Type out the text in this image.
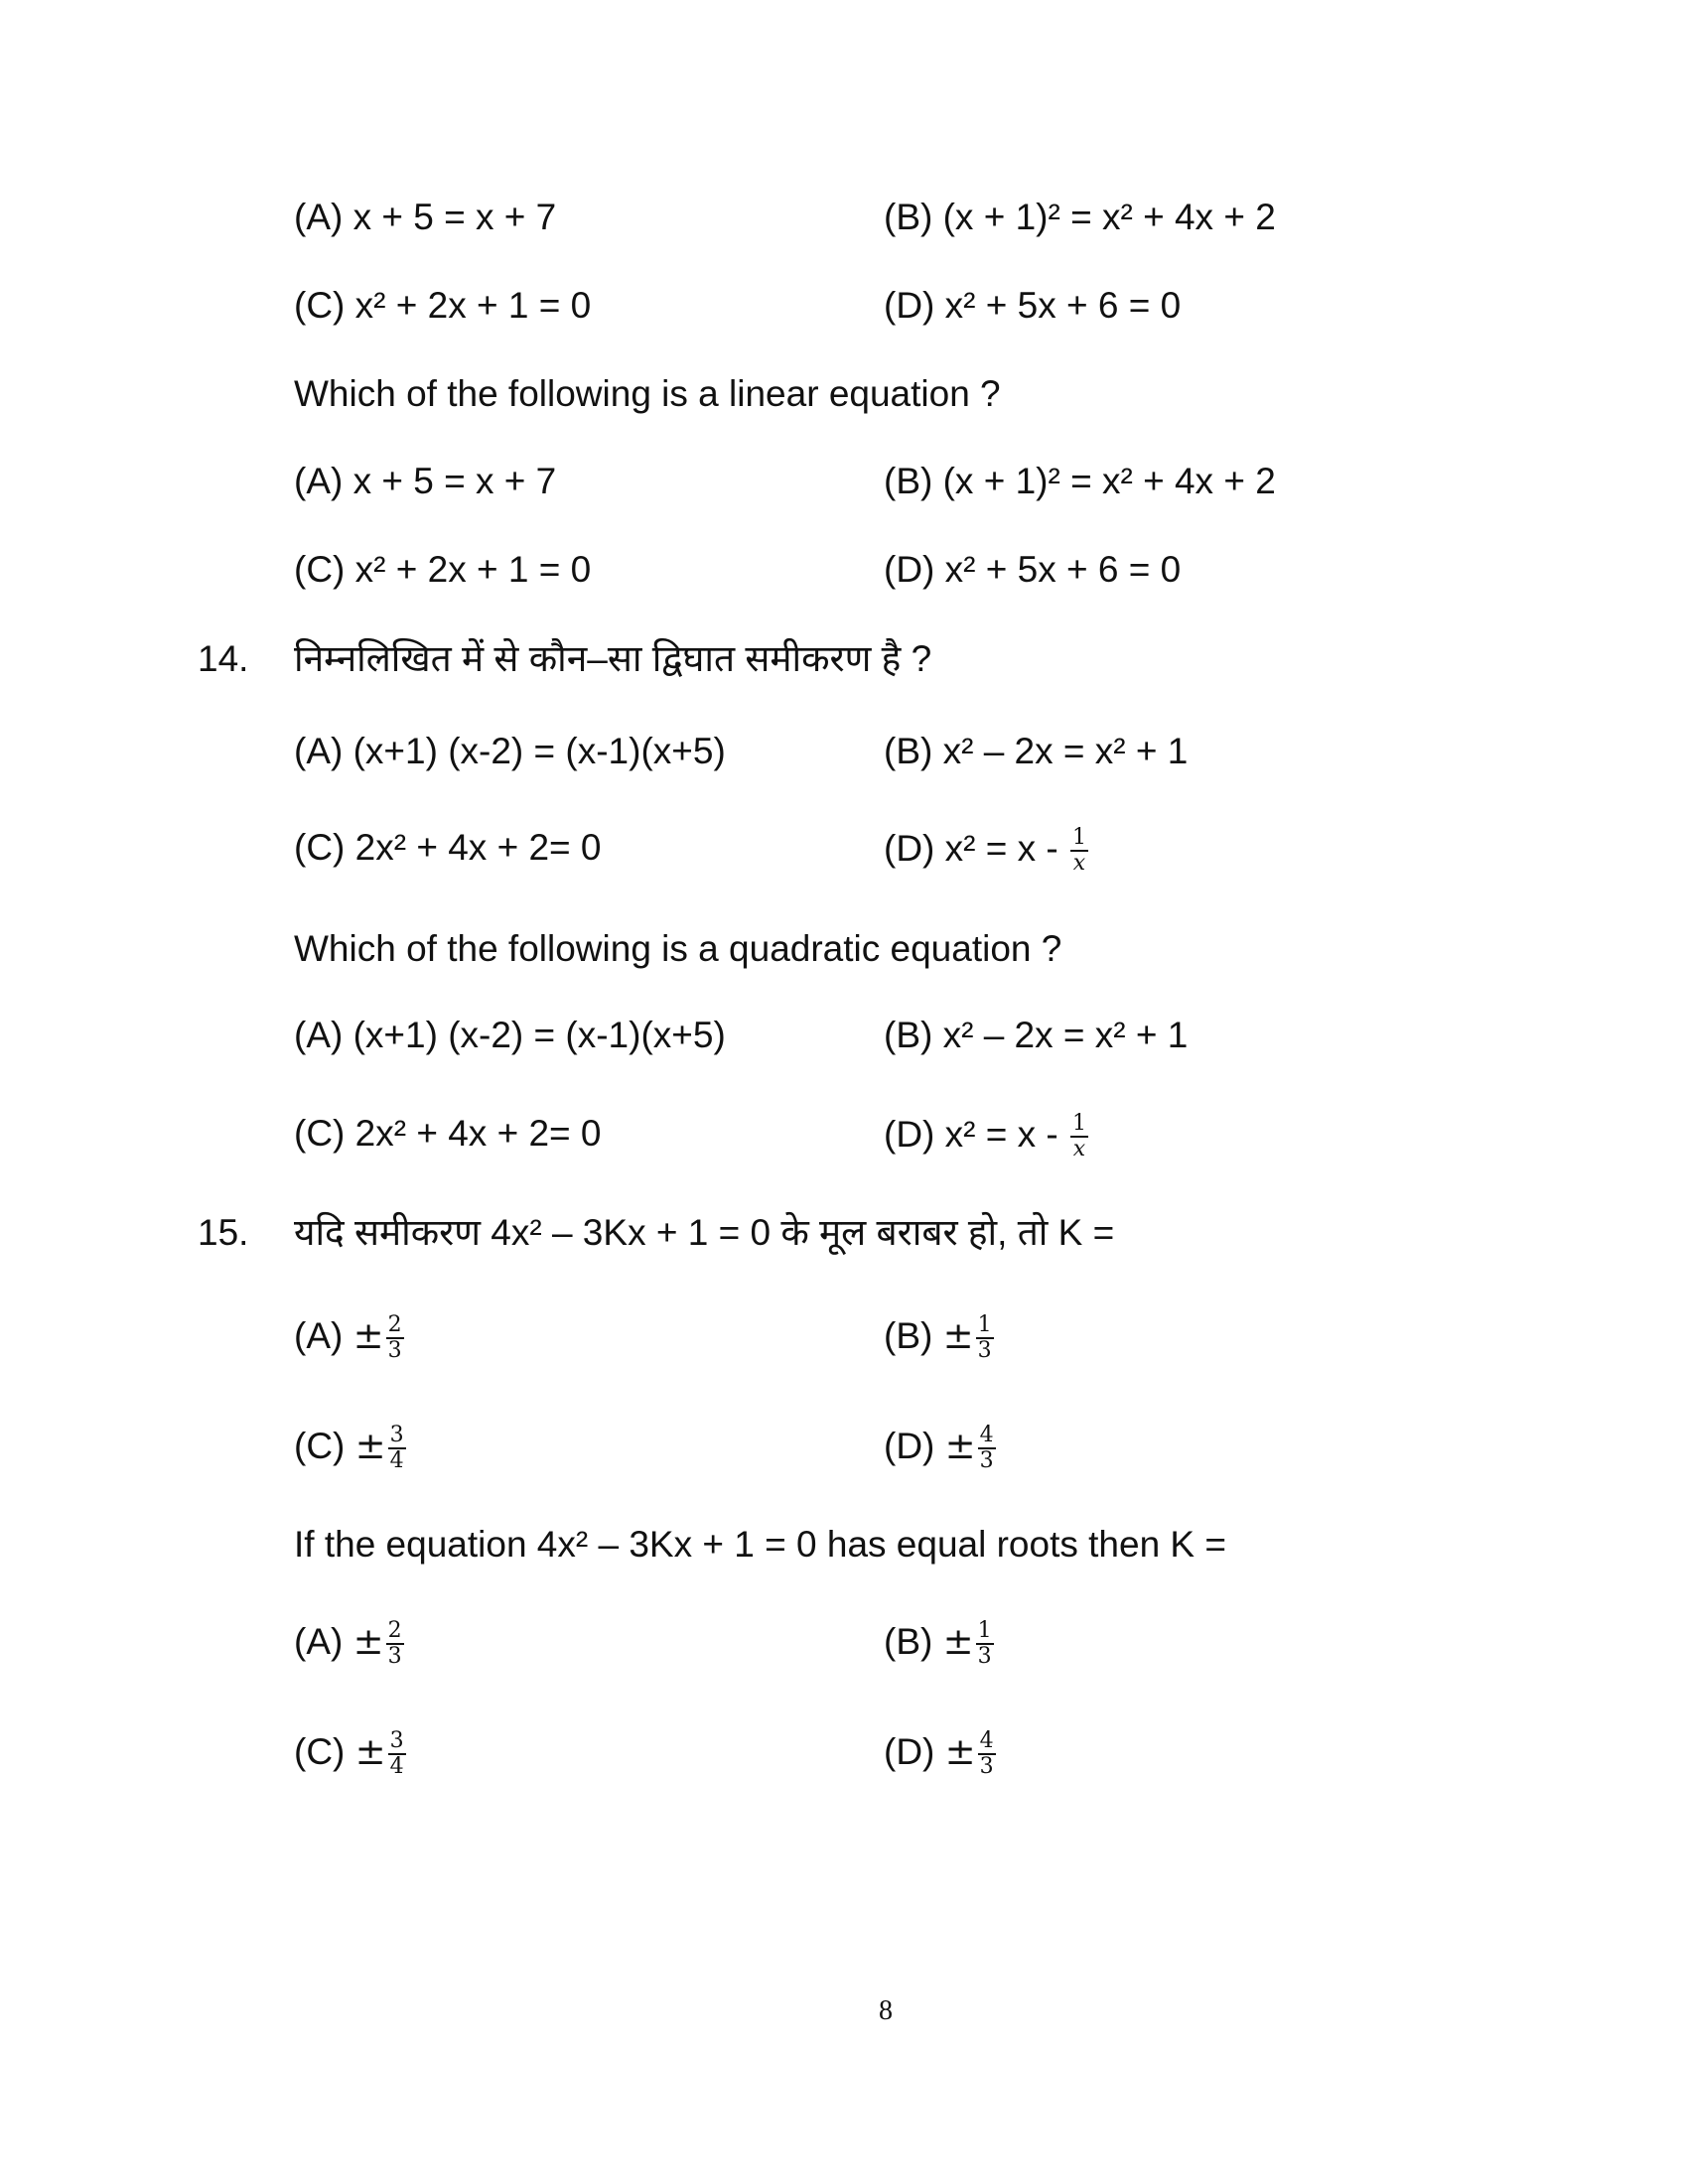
(A) x + 5 = x + 7	(B) (x + 1)² = x² + 4x + 2
(C) x² + 2x + 1 = 0	(D) x² + 5x + 6 = 0
Which of the following is a linear equation ?
(A) x + 5 = x + 7	(B) (x + 1)² = x² + 4x + 2
(C) x² + 2x + 1 = 0	(D) x² + 5x + 6 = 0
14. निम्नलिखित में से कौन–सा द्विघात समीकरण है ?
(A) (x+1) (x-2) = (x-1)(x+5)	(B) x² – 2x = x² + 1
(C) 2x² + 4x + 2= 0	(D) $x^2 = x - \frac{1}{x}$
Which of the following is a quadratic equation ?
(A) (x+1) (x-2) = (x-1)(x+5)	(B) x² – 2x = x² + 1
(C) 2x² + 4x + 2= 0	(D) $x^2 = x - \frac{1}{x}$
15. यदि समीकरण 4x² – 3Kx + 1 = 0 के मूल बराबर हो, तो K =
$(A) \pm \frac{2}{3}$	$(B) \pm \frac{1}{3}$
$(C) \pm \frac{3}{4}$	$(D) \pm \frac{4}{3}$
If the equation 4x² – 3Kx + 1 = 0 has equal roots then K =
$(A) \pm \frac{2}{3}$	$(B) \pm \frac{1}{3}$
$(C) \pm \frac{3}{4}$	$(D) \pm \frac{4}{3}$
8
